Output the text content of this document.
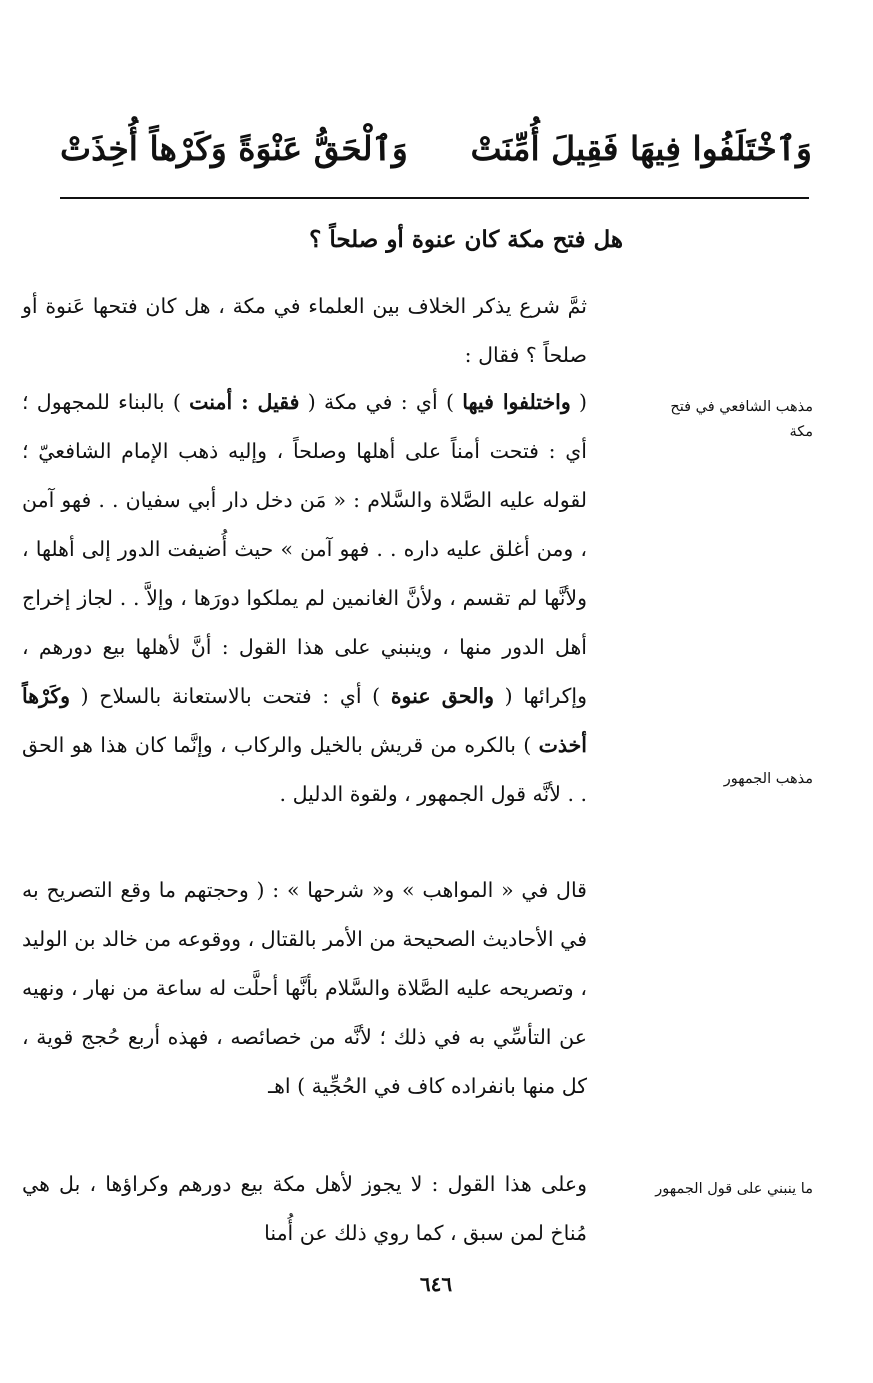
وَٱخْتَلَفُوا فِيهَا فَقِيلَ أُمِّنَتْ
وَٱلْحَقُّ عَنْوَةً وَكَرْهاً أُخِذَتْ
هل فتح مكة كان عنوة أو صلحاً ؟
ثمَّ شرع يذكر الخلاف بين العلماء في مكة ، هل كان فتحها عَنوة أو صلحاً ؟ فقال :
( واختلفوا فيها ) أي : في مكة ( فقيل : أمنت ) بالبناء للمجهول ؛ أي : فتحت أمناً على أهلها وصلحاً ، وإليه ذهب الإمام الشافعيّ ؛ لقوله عليه الصَّلاة والسَّلام : « مَن دخل دار أبي سفيان . . فهو آمن ، ومن أغلق عليه داره . . فهو آمن » حيث أُضيفت الدور إلى أهلها ، ولأنَّها لم تقسم ، ولأنَّ الغانمين لم يملكوا دورَها ، وإلاَّ . . لجاز إخراج أهل الدور منها ، وينبني على هذا القول : أنَّ لأهلها بيع دورهم ، وإكرائها ( والحق عنوة ) أي : فتحت بالاستعانة بالسلاح ( وكَرْهاً أخذت ) بالكره من قريش بالخيل والركاب ، وإنَّما كان هذا هو الحق . . لأنَّه قول الجمهور ، ولقوة الدليل .
قال في « المواهب » و« شرحها » : ( وحجتهم ما وقع التصريح به في الأحاديث الصحيحة من الأمر بالقتال ، ووقوعه من خالد بن الوليد ، وتصريحه عليه الصَّلاة والسَّلام بأنَّها أحلَّت له ساعة من نهار ، ونهيه عن التأسِّي به في ذلك ؛ لأنَّه من خصائصه ، فهذه أربع حُجج قوية ، كل منها بانفراده كاف في الحُجِّية ) اهـ
وعلى هذا القول : لا يجوز لأهل مكة بيع دورهم وكراؤها ، بل هي مُناخ لمن سبق ، كما روي ذلك عن أُمنا
مذهب الشافعي في فتح مكة
مذهب الجمهور
ما ينبني على قول الجمهور
٦٤٦
